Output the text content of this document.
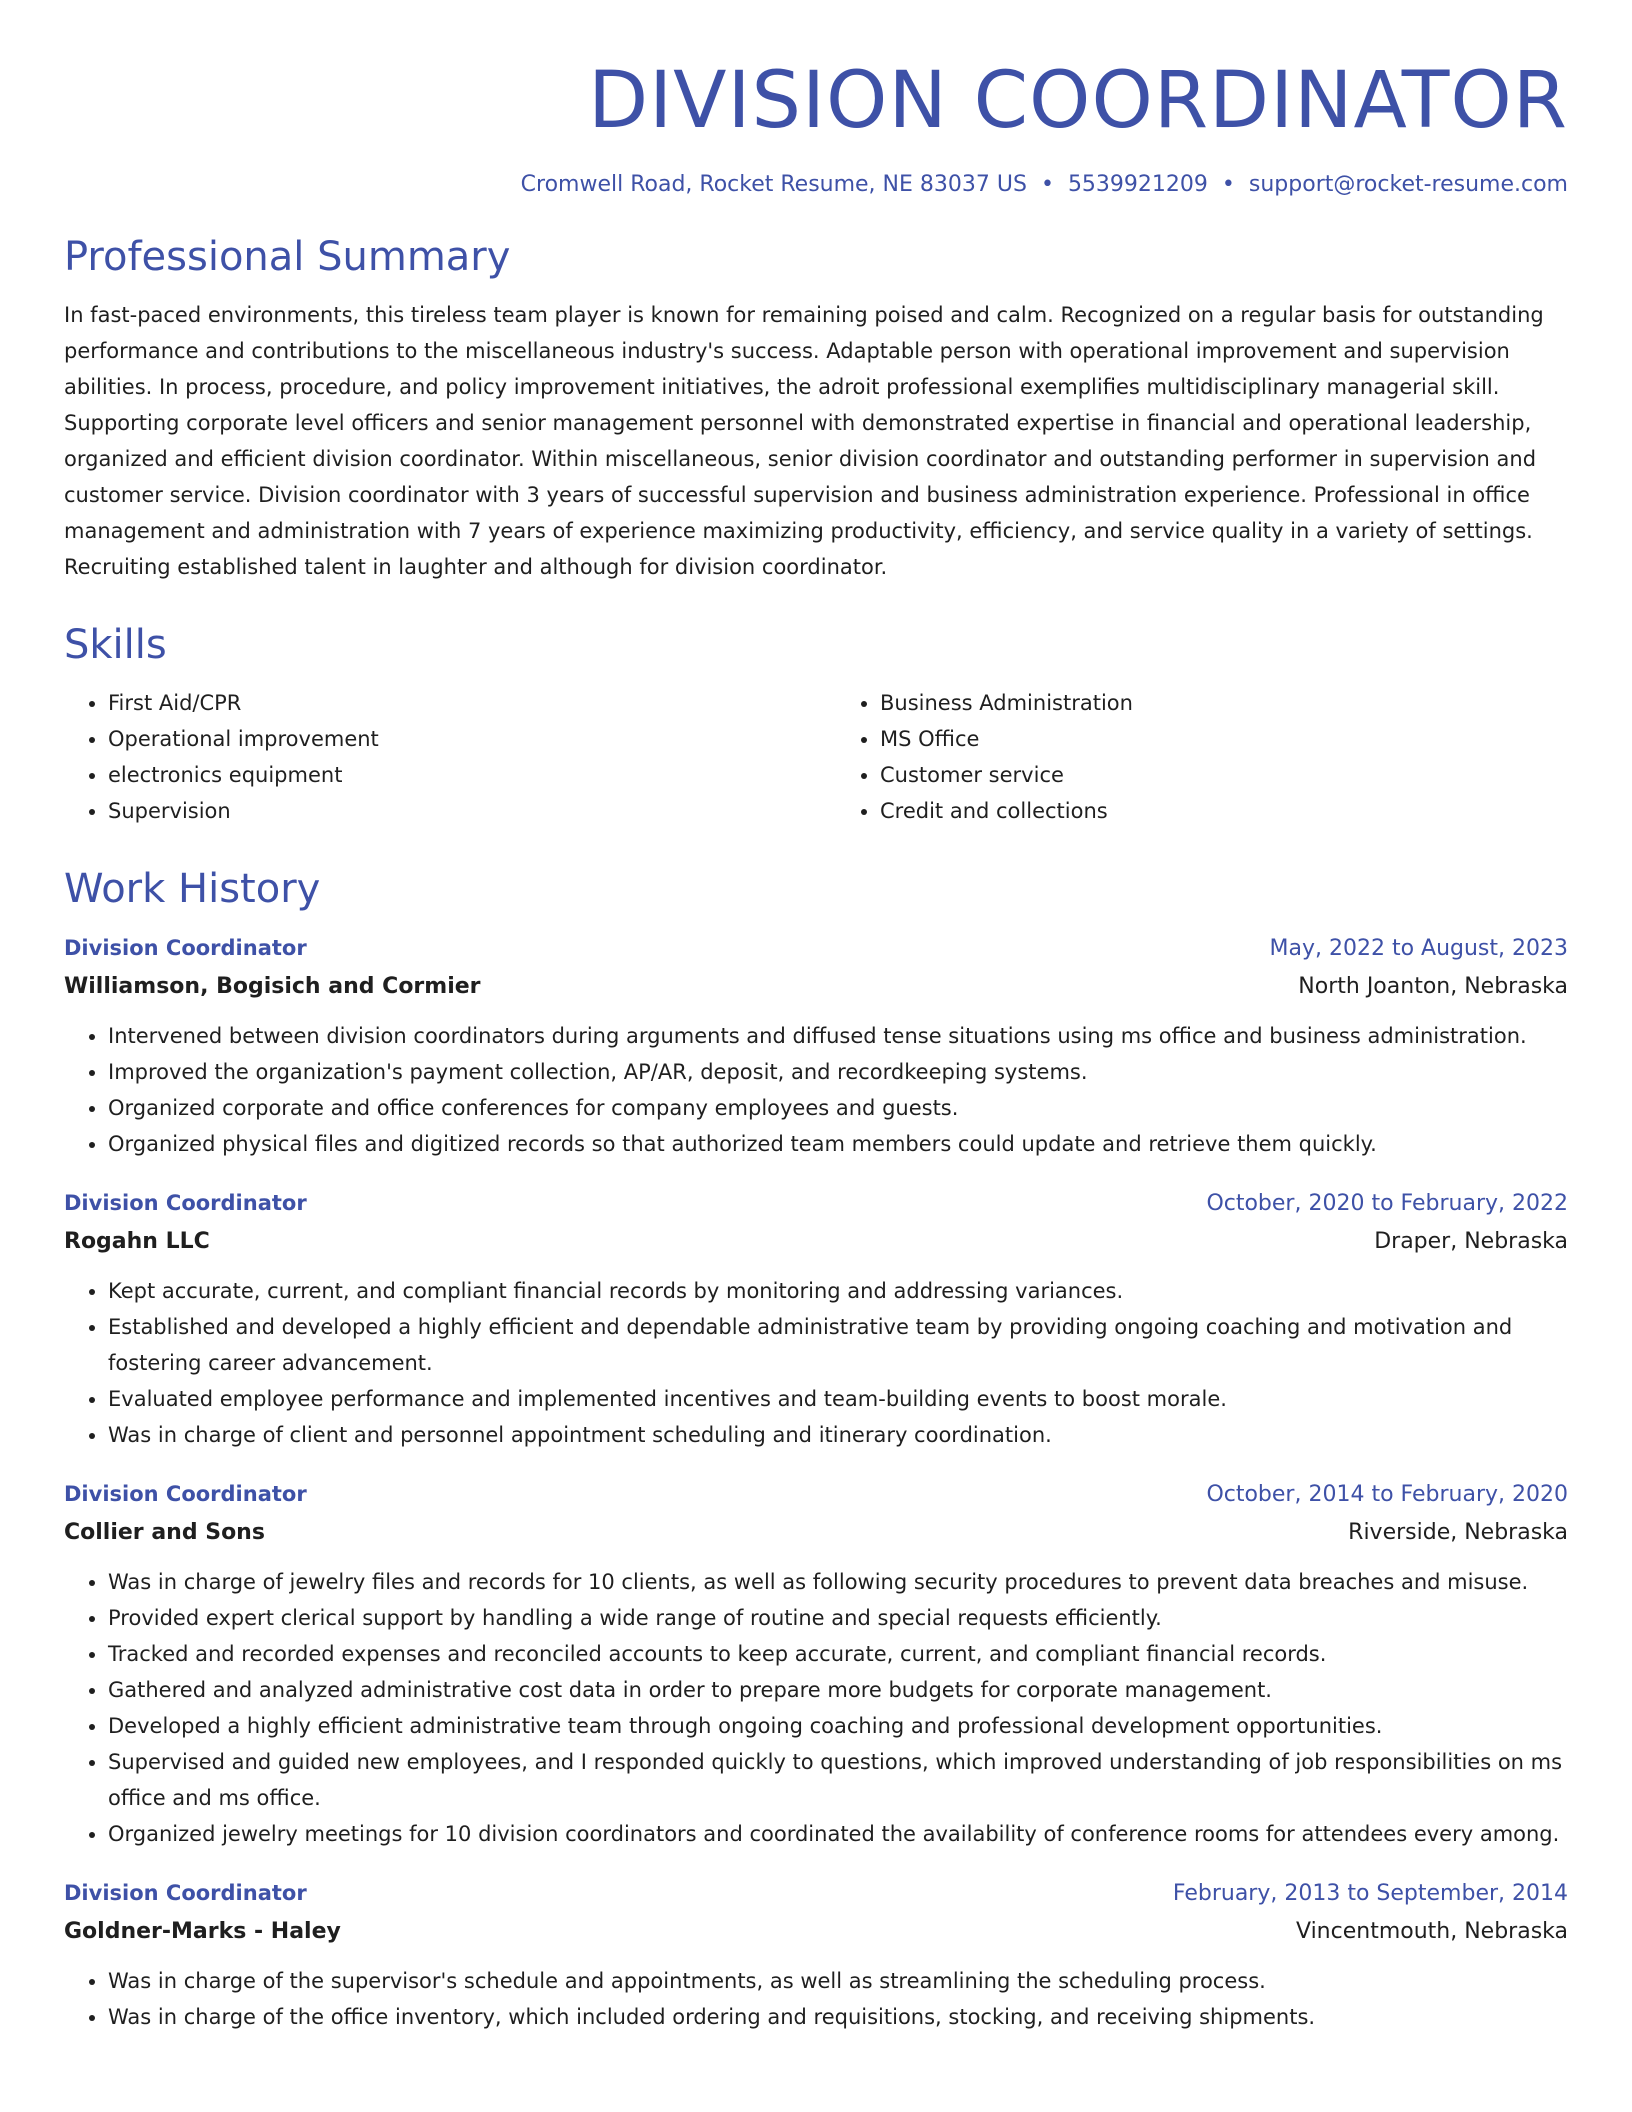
DIVISION COORDINATOR
Cromwell Road, Rocket Resume, NE 83037 US • 5539921209 • support@rocket-resume.com
Professional Summary

In fast-paced environments, this tireless team player is known for remaining poised and calm. Recognized on a regular basis for outstanding performance and contributions to the miscellaneous industry's success. Adaptable person with operational improvement and supervision abilities. In process, procedure, and policy improvement initiatives, the adroit professional exemplifies multidisciplinary managerial skill. Supporting corporate level officers and senior management personnel with demonstrated expertise in financial and operational leadership, organized and efficient division coordinator. Within miscellaneous, senior division coordinator and outstanding performer in supervision and customer service. Division coordinator with 3 years of successful supervision and business administration experience. Professional in office management and administration with 7 years of experience maximizing productivity, efficiency, and service quality in a variety of settings. Recruiting established talent in laughter and although for division coordinator.

Skills
• First Aid/CPR
• Operational improvement
• electronics equipment
• Supervision
• Business Administration
• MS Office
• Customer service
• Credit and collections
Work History
Division Coordinator	May, 2022 to August, 2023
Williamson, Bogisich and Cormier	North Joanton, Nebraska
• Intervened between division coordinators during arguments and diffused tense situations using ms office and business administration.
• Improved the organization's payment collection, AP/AR, deposit, and recordkeeping systems.
• Organized corporate and office conferences for company employees and guests.
• Organized physical files and digitized records so that authorized team members could update and retrieve them quickly.
Division Coordinator	October, 2020 to February, 2022
Rogahn LLC	Draper, Nebraska
• Kept accurate, current, and compliant financial records by monitoring and addressing variances.
• Established and developed a highly efficient and dependable administrative team by providing ongoing coaching and motivation and fostering career advancement.
• Evaluated employee performance and implemented incentives and team-building events to boost morale.
• Was in charge of client and personnel appointment scheduling and itinerary coordination.
Division Coordinator	October, 2014 to February, 2020
Collier and Sons	Riverside, Nebraska
• Was in charge of jewelry files and records for 10 clients, as well as following security procedures to prevent data breaches and misuse.
• Provided expert clerical support by handling a wide range of routine and special requests efficiently.
• Tracked and recorded expenses and reconciled accounts to keep accurate, current, and compliant financial records.
• Gathered and analyzed administrative cost data in order to prepare more budgets for corporate management.
• Developed a highly efficient administrative team through ongoing coaching and professional development opportunities.
• Supervised and guided new employees, and I responded quickly to questions, which improved understanding of job responsibilities on ms office and ms office.
• Organized jewelry meetings for 10 division coordinators and coordinated the availability of conference rooms for attendees every among.
Division Coordinator	February, 2013 to September, 2014
Goldner-Marks - Haley	Vincentmouth, Nebraska
• Was in charge of the supervisor's schedule and appointments, as well as streamlining the scheduling process.
• Was in charge of the office inventory, which included ordering and requisitions, stocking, and receiving shipments.
